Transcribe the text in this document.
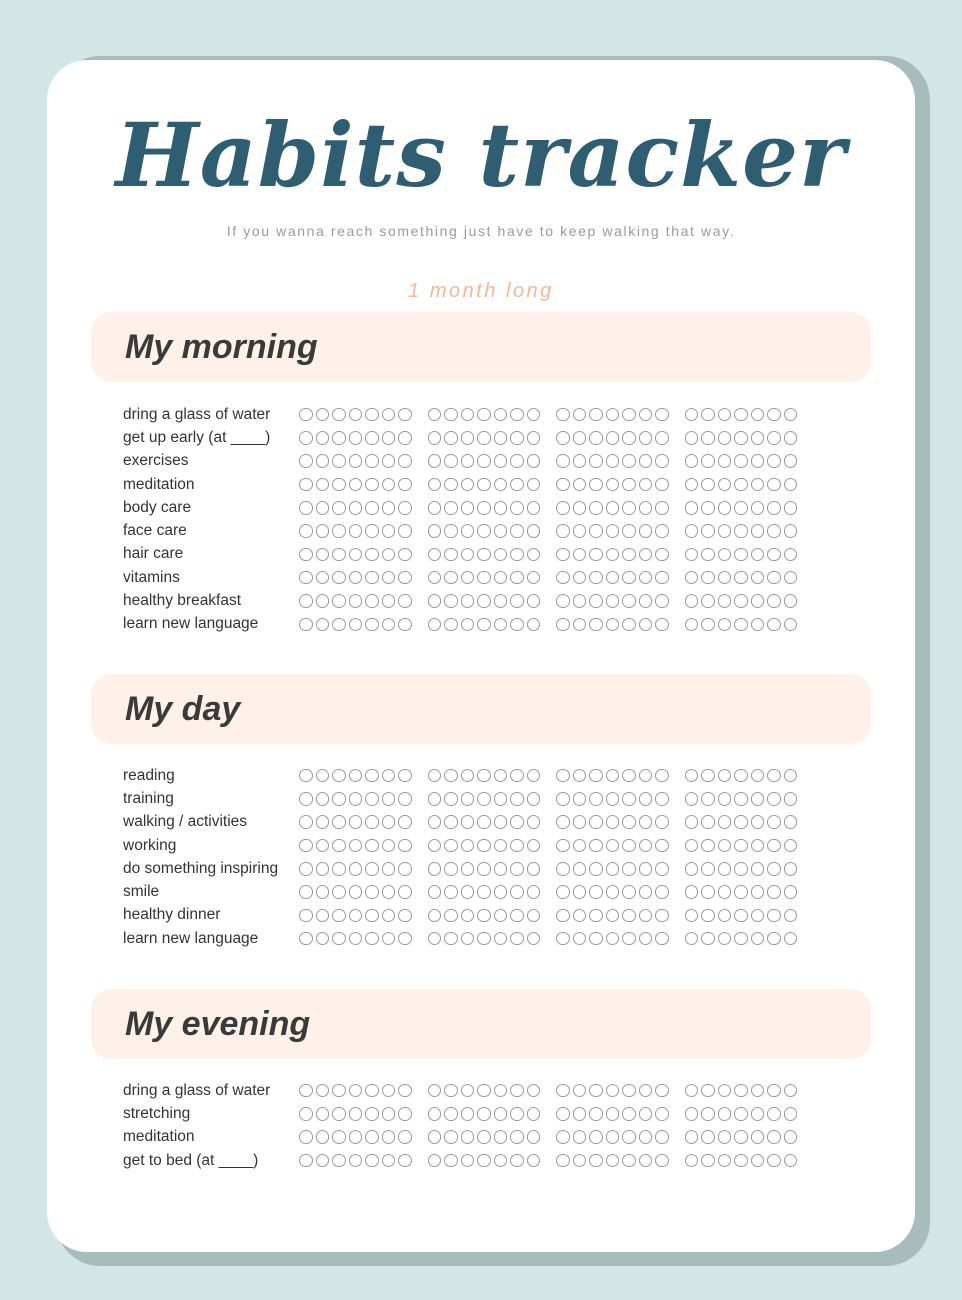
Habits tracker

If you wanna reach something just have to keep walking that way.

1 month long

My morning
dring a glass of water
get up early (at ____)
exercises
meditation
body care
face care
hair care
vitamins
healthy breakfast
learn new language
My day
reading
training
walking / activities
working
do something inspiring
smile
healthy dinner
learn new language
My evening
dring a glass of water
stretching
meditation
get to bed (at ____)
